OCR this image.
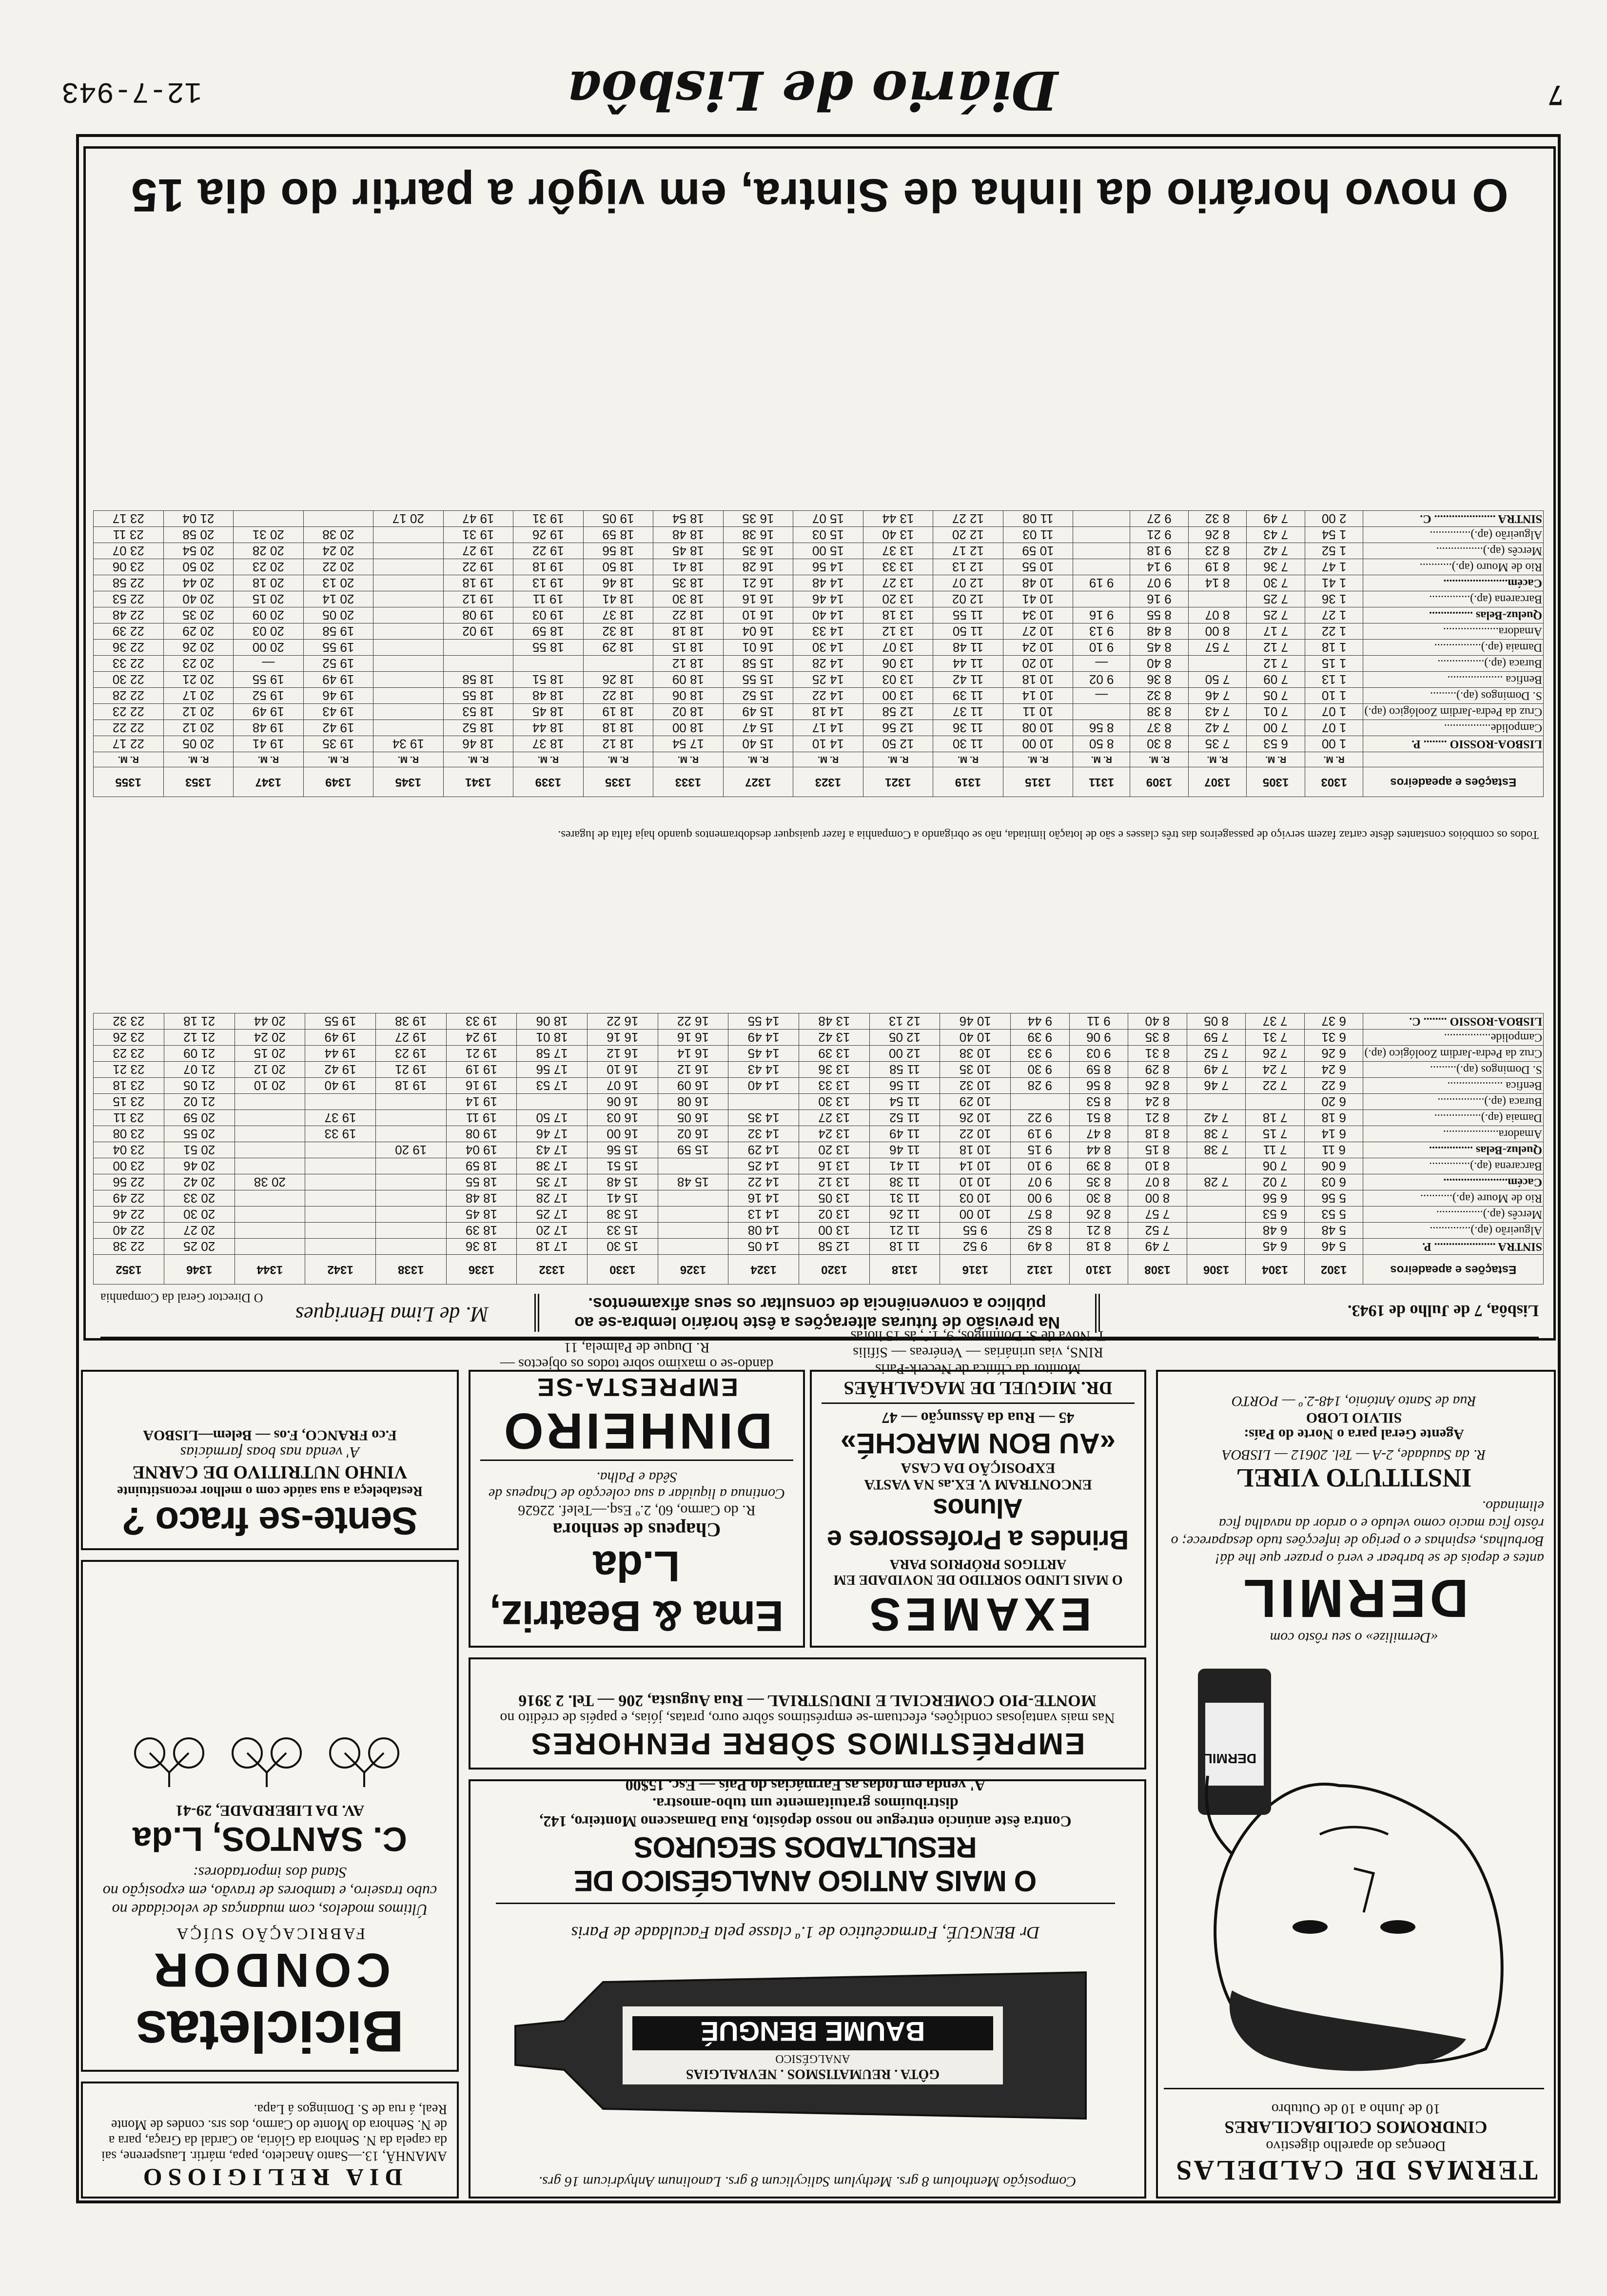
7
Diário de Lisbôa
12-7-943
O novo horário da linha de Sintra, em vigôr a partir do dia 15
Estações e apeadeiros	1303	1305	1307	1309	1311	1315	1319	1321	1323	1327	1333	1335	1339	1341	1345	1349	1347	1353	1355
	R. M.	R. M.	R. M.	R. M.	R. M.	R. M.	R. M.	R. M.	R. M.	R. M.	R. M.	R. M.	R. M.	R. M.	R. M.	R. M.	R. M.	R. M.	R. M.
LISBOA-ROSSIO ........ P.	1 00	6 53	7 35	8 30	8 50	10 00	11 30	12 50	14 10	15 40	17 54	18 12	18 37	18 46	19 34	19 35	19 41	20 05	22 17
Campolide................	1 07	7 00	7 42	8 37	8 56	10 08	11 36	12 56	14 17	15 47	18 00	18 18	18 44	18 52		19 42	19 48	20 12	22 22
Cruz da Pedra-Jardim Zoológico (ap.)	1 07	7 01	7 43	8 38		10 11	11 37	12 58	14 18	15 49	18 02	18 19	18 45	18 53		19 43	19 49	20 12	22 23
S. Domingos (ap.).........	1 10	7 05	7 46	8 32	—	10 14	11 39	13 00	14 22	15 52	18 06	18 22	18 48	18 55		19 46	19 52	20 17	22 28
Benfica ...................	1 13	7 09	7 50	8 36	9 02	10 18	11 42	13 03	14 25	15 55	18 09	18 26	18 51	18 58		19 49	19 55	20 21	22 30
Buraca (ap.)................	1 15	7 12		8 40	—	10 20	11 44	13 06	14 28	15 58	18 12					19 52	—	20 23	22 33
Damaia (ap.)................	1 18	7 12	7 57	8 45	9 10	10 24	11 48	13 07	14 30	16 01	18 15	18 29	18 55			19 55	20 00	20 26	22 36
Amadora...................	1 22	7 17	8 00	8 48	9 13	10 27	11 50	13 12	14 33	16 04	18 18	18 32	18 59	19 02		19 58	20 03	20 29	22 39
Queluz-Belas ...............	1 27	7 25	8 07	8 55	9 16	10 34	11 55	13 18	14 40	16 10	18 22	18 37	19 03	19 08		20 05	20 09	20 35	22 48
Barcarena (ap.)..............	1 36	7 25		9 16		10 41	12 02	13 20	14 46	16 16	18 30	18 41	19 11	19 12		20 14	20 15	20 40	22 53
Cacém......................	1 41	7 30	8 14	9 07	9 19	10 48	12 07	13 27	14 48	16 21	18 35	18 46	19 13	19 18		20 13	20 18	20 44	22 58
Rio de Mouro (ap.)...........	1 47	7 36	8 19	9 14		10 55	12 13	13 33	14 56	16 28	18 41	18 50	19 18	19 22		20 22	20 23	20 50	23 06
Mercês (ap.)................	1 52	7 42	8 23	9 18		10 59	12 17	13 37	15 00	16 35	18 45	18 56	19 22	19 27		20 24	20 28	20 54	23 07
Algueirão (ap.)..............	1 54	7 43	8 26	9 21		11 03	12 20	13 40	15 03	16 38	18 48	18 59	19 26	19 31		20 38	20 31	20 58	23 11
SINTRA ..................... C.	2 00	7 49	8 32	9 27		11 08	12 27	13 44	15 07	16 35	18 54	19 05	19 31	19 47	20 17			21 04	23 17
Estações e apeadeiros	1302	1304	1306	1308	1310	1312	1316	1318	1320	1324	1326	1330	1332	1336	1338	1342	1344	1346	1352
SINTRA ..................... P.	5 46	6 45		7 49	8 18	8 49	9 52	11 18	12 58	14 05		15 30	17 18	18 36				20 25	22 38
Algueirão (ap.)..............	5 48	6 48		7 52	8 21	8 52	9 55	11 21	13 00	14 08		15 33	17 20	18 39				20 27	22 40
Mercês (ap.)................	5 53	6 53		7 57	8 26	8 57	10 00	11 26	13 02	14 13		15 38	17 25	18 45				20 30	22 46
Rio de Moure (ap.)...........	5 56	6 56		8 00	8 30	9 00	10 03	11 31	13 05	14 16		15 41	17 28	18 48				20 33	22 49
Cacém......................	6 03	7 02	7 28	8 07	8 35	9 07	10 10	11 38	13 12	14 22	15 48	15 48	17 35	18 55			20 38	20 42	22 56
Barcarena (ap.)..............	6 06	7 06		8 10	8 39	9 10	10 14	11 41	13 16	14 25		15 51	17 38	18 59				20 46	23 00
Queluz-Belas ...............	6 11	7 11	7 38	8 15	8 44	9 15	10 18	11 46	13 20	14 29	15 59	15 56	17 43	19 04	19 20			20 51	23 04
Amadora...................	6 14	7 15	7 38	8 18	8 47	9 19	10 22	11 49	13 24	14 32	16 02	16 00	17 46	19 08		19 33		20 55	23 08
Damaia (ap.)................	6 18	7 18	7 42	8 21	8 51	9 22	10 26	11 52	13 27	14 35	16 05	16 03	17 50	19 11		19 37		20 59	23 11
Buraca (ap.)................	6 20			8 24	8 53		10 29	11 54	13 30		16 08	16 06		19 14				21 02	23 15
Benfica ...................	6 22	7 22	7 46	8 26	8 56	9 28	10 32	11 56	13 33	14 40	16 09	16 07	17 53	19 16	19 18	19 40	20 10	21 05	23 18
S. Domingos (ap.).........	6 24	7 24	7 49	8 29	8 59	9 30	10 35	11 58	13 36	14 43	16 12	16 10	17 56	19 19	19 21	19 42	20 12	21 07	23 21
Cruz da Pedra-Jardim Zoológico (ap.)	6 26	7 26	7 52	8 31	9 03	9 33	10 38	12 00	13 39	14 45	16 14	16 12	17 58	19 21	19 23	19 44	20 15	21 09	23 23
Campolide................	6 31	7 31	7 59	8 35	9 06	9 39	10 40	12 05	13 42	14 49	16 16	16 16	18 01	19 24	19 27	19 49	20 24	21 12	23 26
LISBOA-ROSSIO ........ C.	6 37	7 37	8 05	8 40	9 11	9 44	10 46	12 13	13 48	14 55	16 22	16 22	18 06	19 33	19 38	19 55	20 44	21 18	23 32
Todos os combóios constantes dêste cartaz fazem serviço de passageiros das três classes e são de lotação limitada, não se obrigando a Companhia a fazer quaisquer desdobramentos quando haja falta de lugares.
Lisbôa, 7 de Julho de 1943.
Na previsão de futuras alterações a êste horário lembra-se ao público a conveniência de consultar os seus afixamentos.
M. de Lima Henriques
O Director Geral da Companhia
TERMAS DE CALDELAS
Doenças do aparelho digestivo
CINDROMOS COLIBACILARES
10 de Junho a 10 de Outubro
DERMIL
«Dermilize» o seu rôsto com
DERMIL
antes e depois de se barbear e verá o prazer que lhe dá! Borbulhas, espinhas e o perigo de infecções tudo desaparece; o rôsto fica macio como veludo e o ardor da navalha fica eliminado.
INSTITUTO VIREL
R. da Saudade, 2-A — Tel. 20612 — LISBOA
Agente Geral para o Norte do País:
SILVIO LOBO
Rua de Santo António, 148-2.º — PORTO
Composição Mentholum 8 grs. Methylum Salicylicum 8 grs. Lanolinum Anhydricum 16 grs.
BAUME BENGUÉ
ANALGÉSICO
GÔTA . REUMATISMOS . NEVRALGIAS
Dr BENGUÉ, Farmacêutico de 1.ª classe pela Faculdade de Paris
O MAIS ANTIGO ANALGÉSICO DE RESULTADOS SEGUROS
Contra êste anúncio entregue no nosso depósito, Rua Damasceno Monteiro, 142, distribuímos gratuitamente um tubo-amostra.
A' venda em todas as Farmácias do País — Esc. 15$00
EMPRÉSTIMOS SÔBRE PENHORES
Nas mais vantajosas condições, efectuam-se empréstimos sôbre ouro, pratas, jóias, e papéis de crédito no
MONTE-PIO COMERCIAL E INDUSTRIAL — Rua Augusta, 206 — Tel. 2 3916
EXAMES
O MAIS LINDO SORTIDO DE NOVIDADE EM ARTIGOS PRÓPRIOS PARA
Brindes a Professores e Alunos
ENCONTRAM V. EX.as NA VASTA EXPOSIÇÃO DA CASA
«AU BON MARCHÉ»
45 — Rua da Assunção — 47
DR. MIGUEL DE MAGALHÃES
Monitor da clínica de Necerk-Paris
RINS, vias urinárias — Venéreas — Sífilis
T. Nova de S. Domingos, 9, 1.º, às 15 horas
Ema & Beatriz, L.da
Chapeus de senhora
R. do Carmo, 60, 2.º Esq.—Telef. 22626
Continua a liquidar a sua colecção de Chapeus de Sêda e Palha.
DINHEIRO
EMPRESTA-SE
dando-se o maximo sobre todos os objectos —
R. Duque de Palmela, 11
DIA RELIGIOSO
AMANHÃ, 13.—Santo Anacleto, papa, mártir. Lausperene, sai da capela da N. Senhora da Glória, ao Cardal da Graça, para a de N. Senhora do Monte do Carmo, dos srs. condes de Monte Real, á rua de S. Domingos á Lapa.
Bicicletas
CONDOR
FABRICAÇÃO SUÍÇA
Últimos modelos, com mudanças de velocidade no cubo traseiro, e tambores de travão, em exposição no Stand dos importadores:
C. SANTOS, L.da
AV. DA LIBERDADE, 29-41
Sente-se fraco ?
Restabeleça a sua saúde com o melhor reconstituinte
VINHO NUTRITIVO DE CARNE
A' venda nas boas farmácias
F.co FRANCO, F.os — Belem—LISBOA
